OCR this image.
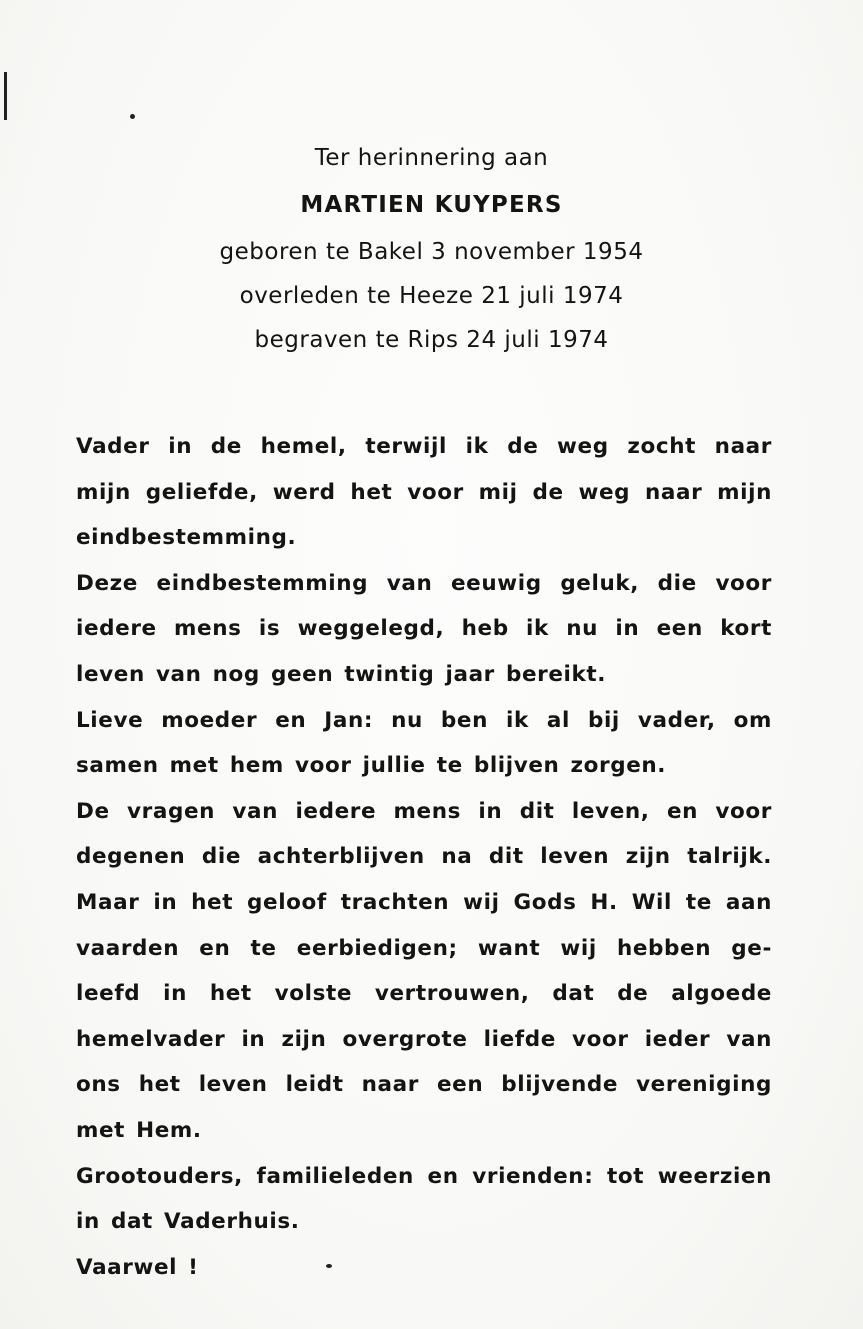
Ter herinnering aan
MARTIEN KUYPERS
geboren te Bakel 3 november 1954
overleden te Heeze 21 juli 1974
begraven te Rips 24 juli 1974
Vader in de hemel, terwijl ik de weg zocht naar
mijn geliefde, werd het voor mij de weg naar mijn
eindbestemming.
Deze eindbestemming van eeuwig geluk, die voor
iedere mens is weggelegd, heb ik nu in een kort
leven van nog geen twintig jaar bereikt.
Lieve moeder en Jan: nu ben ik al bij vader, om
samen met hem voor jullie te blijven zorgen.
De vragen van iedere mens in dit leven, en voor
degenen die achterblijven na dit leven zijn talrijk.
Maar in het geloof trachten wij Gods H. Wil te aan
vaarden en te eerbiedigen; want wij hebben ge-
leefd in het volste vertrouwen, dat de algoede
hemelvader in zijn overgrote liefde voor ieder van
ons het leven leidt naar een blijvende vereniging
met Hem.
Grootouders, familieleden en vrienden: tot weerzien
in dat Vaderhuis.
Vaarwel !
